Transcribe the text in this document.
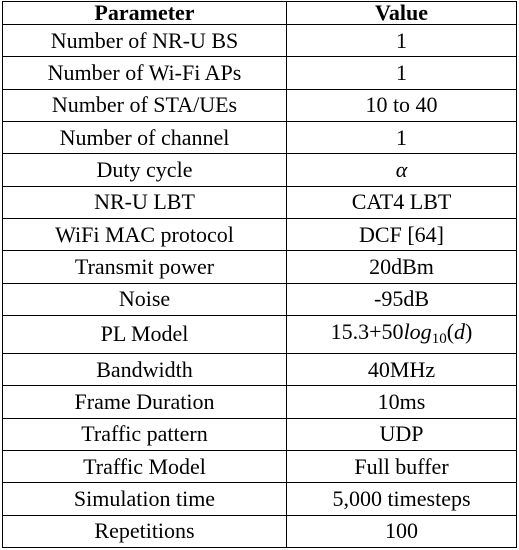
Parameter	Value
Number of NR-U BS	1
Number of Wi-Fi APs	1
Number of STA/UEs	10 to 40
Number of channel	1
Duty cycle	α
NR-U LBT	CAT4 LBT
WiFi MAC protocol	DCF [64]
Transmit power	20dBm
Noise	-95dB
PL Model	15.3+50log10(d)
Bandwidth	40MHz
Frame Duration	10ms
Traffic pattern	UDP
Traffic Model	Full buffer
Simulation time	5,000 timesteps
Repetitions	100
